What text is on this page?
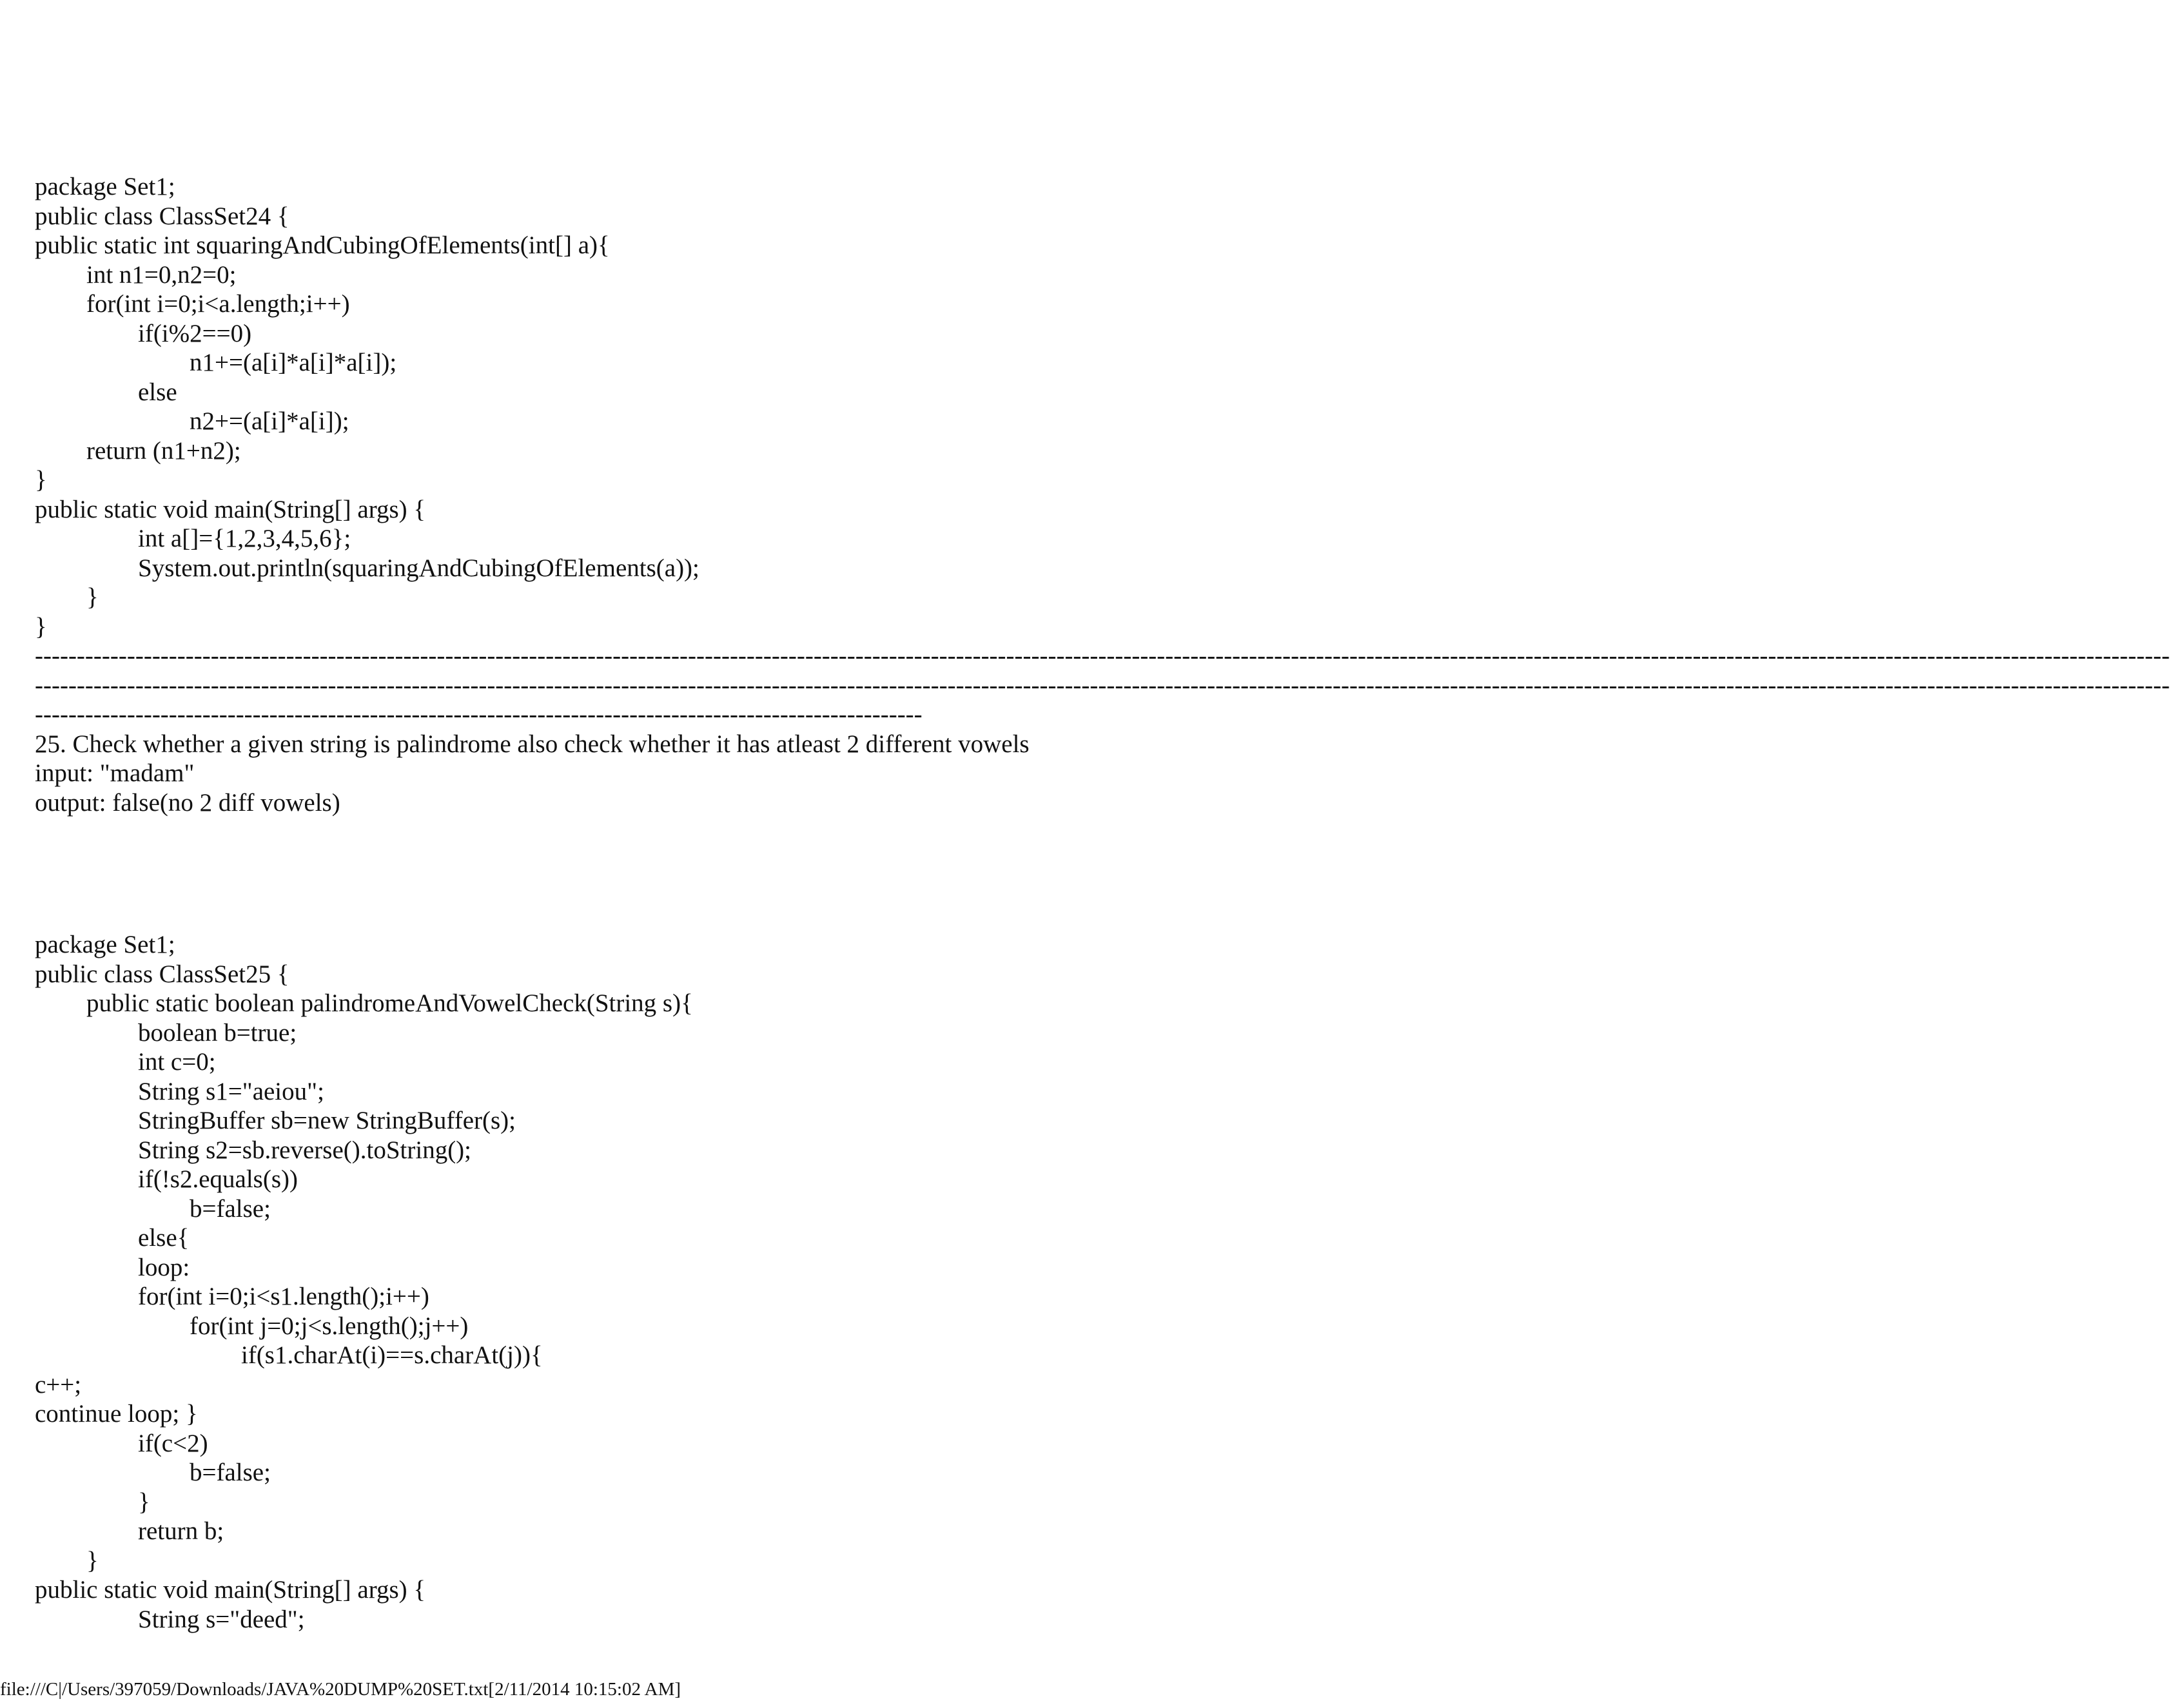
package Set1;
public class ClassSet24 {
public static int squaringAndCubingOfElements(int[] a){
int n1=0,n2=0;
for(int i=0;i<a.length;i++)
if(i%2==0)
n1+=(a[i]*a[i]*a[i]);
else
n2+=(a[i]*a[i]);
return (n1+n2);
}
public static void main(String[] args) {
int a[]={1,2,3,4,5,6};
System.out.println(squaringAndCubingOfElements(a));
}
}
---------------------------------------------------------------------------------------------------------------------------------------------------------------------------------------------------------------------------------------------------------------
---------------------------------------------------------------------------------------------------------------------------------------------------------------------------------------------------------------------------------------------------------------
----------------------------------------------------------------------------------------------------------
25. Check whether a given string is palindrome also check whether it has atleast 2 different vowels
input: "madam"
output: false(no 2 diff vowels)
package Set1;
public class ClassSet25 {
public static boolean palindromeAndVowelCheck(String s){
boolean b=true;
int c=0;
String s1="aeiou";
StringBuffer sb=new StringBuffer(s);
String s2=sb.reverse().toString();
if(!s2.equals(s))
b=false;
else{
loop:
for(int i=0;i<s1.length();i++)
for(int j=0;j<s.length();j++)
if(s1.charAt(i)==s.charAt(j)){
c++;
continue loop; }
if(c<2)
b=false;
}
return b;
}
public static void main(String[] args) {
String s="deed";
file:///C|/Users/397059/Downloads/JAVA%20DUMP%20SET.txt[2/11/2014 10:15:02 AM]
